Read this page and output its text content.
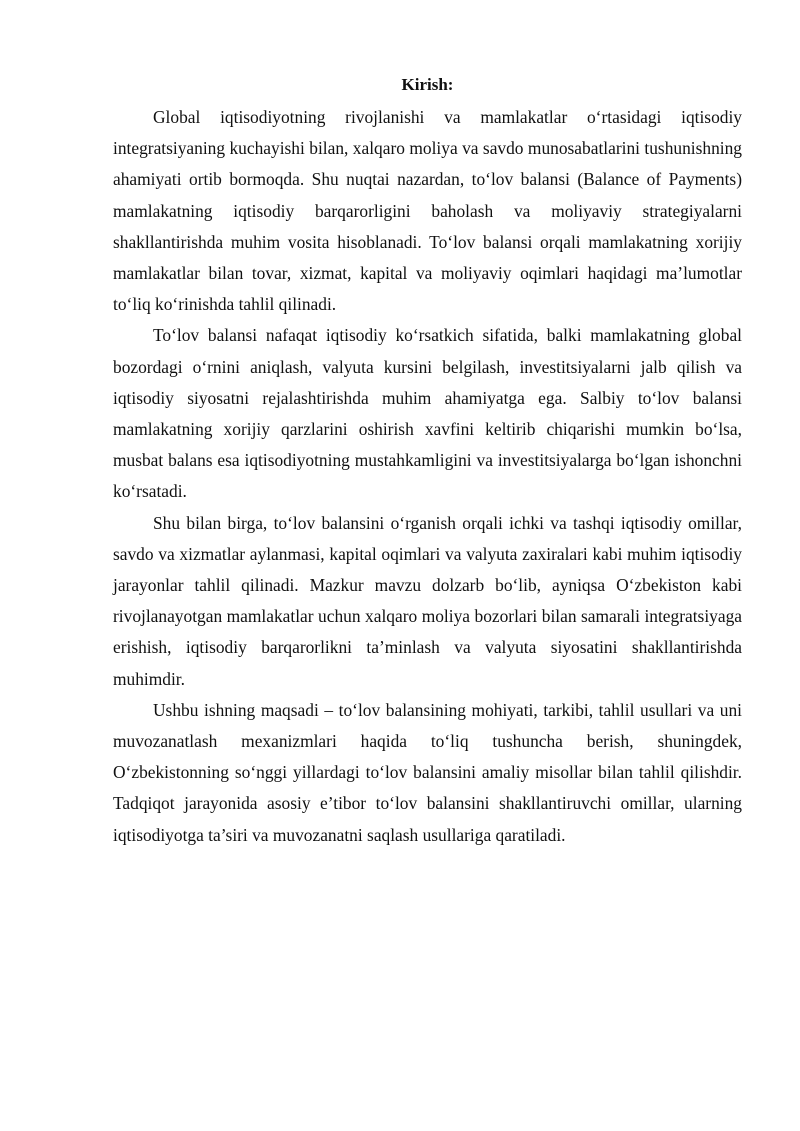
Kirish:

Global iqtisodiyotning rivojlanishi va mamlakatlar o‘rtasidagi iqtisodiy integratsiyaning kuchayishi bilan, xalqaro moliya va savdo munosabatlarini tushunishning ahamiyati ortib bormoqda. Shu nuqtai nazardan, to‘lov balansi (Balance of Payments) mamlakatning iqtisodiy barqarorligini baholash va moliyaviy strategiyalarni shakllantirishda muhim vosita hisoblanadi. To‘lov balansi orqali mamlakatning xorijiy mamlakatlar bilan tovar, xizmat, kapital va moliyaviy oqimlari haqidagi ma’lumotlar to‘liq ko‘rinishda tahlil qilinadi.

To‘lov balansi nafaqat iqtisodiy ko‘rsatkich sifatida, balki mamlakatning global bozordagi o‘rnini aniqlash, valyuta kursini belgilash, investitsiyalarni jalb qilish va iqtisodiy siyosatni rejalashtirishda muhim ahamiyatga ega. Salbiy to‘lov balansi mamlakatning xorijiy qarzlarini oshirish xavfini keltirib chiqarishi mumkin bo‘lsa, musbat balans esa iqtisodiyotning mustahkamligini va investitsiyalarga bo‘lgan ishonchni ko‘rsatadi.

Shu bilan birga, to‘lov balansini o‘rganish orqali ichki va tashqi iqtisodiy omillar, savdo va xizmatlar aylanmasi, kapital oqimlari va valyuta zaxiralari kabi muhim iqtisodiy jarayonlar tahlil qilinadi. Mazkur mavzu dolzarb bo‘lib, ayniqsa O‘zbekiston kabi rivojlanayotgan mamlakatlar uchun xalqaro moliya bozorlari bilan samarali integratsiyaga erishish, iqtisodiy barqarorlikni ta’minlash va valyuta siyosatini shakllantirishda muhimdir.

Ushbu ishning maqsadi – to‘lov balansining mohiyati, tarkibi, tahlil usullari va uni muvozanatlash mexanizmlari haqida to‘liq tushuncha berish, shuningdek, O‘zbekistonning so‘nggi yillardagi to‘lov balansini amaliy misollar bilan tahlil qilishdir. Tadqiqot jarayonida asosiy e’tibor to‘lov balansini shakllantiruvchi omillar, ularning iqtisodiyotga ta’siri va muvozanatni saqlash usullariga qaratiladi.
